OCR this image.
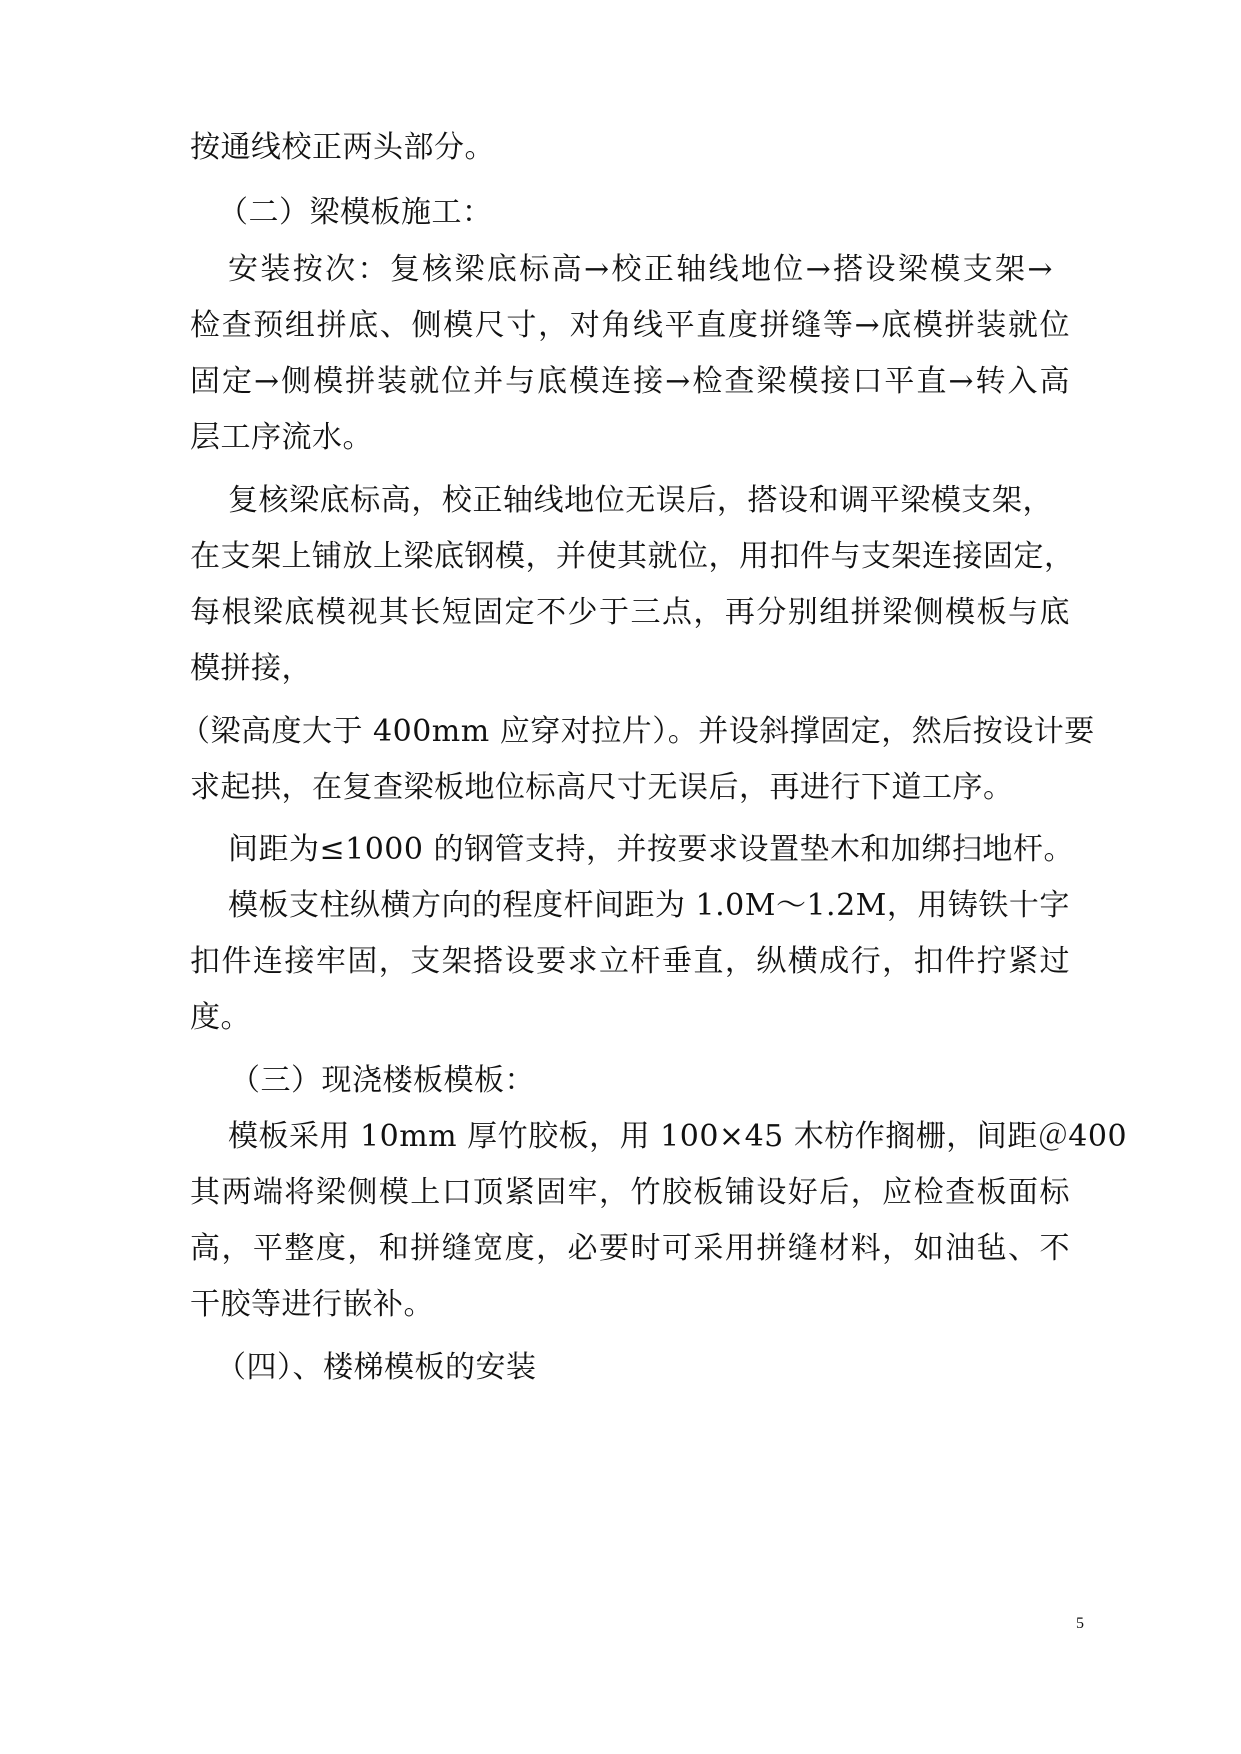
按通线校正两头部分。
（二）梁模板施工：
安装按次：复核梁底标高→校正轴线地位→搭设梁模支架→
检查预组拼底、侧模尺寸，对角线平直度拼缝等→底模拼装就位
固定→侧模拼装就位并与底模连接→检查梁模接口平直→转入高
层工序流水。
复核梁底标高，校正轴线地位无误后，搭设和调平梁模支架，
在支架上铺放上梁底钢模，并使其就位，用扣件与支架连接固定，
每根梁底模视其长短固定不少于三点，再分别组拼梁侧模板与底
模拼接，
（梁高度大于 400mm 应穿对拉片）。并设斜撑固定，然后按设计要
求起拱，在复查梁板地位标高尺寸无误后，再进行下道工序。
间距为≤1000 的钢管支持，并按要求设置垫木和加绑扫地杆。
模板支柱纵横方向的程度杆间距为 1.0M～1.2M，用铸铁十字
扣件连接牢固，支架搭设要求立杆垂直，纵横成行，扣件拧紧过
度。
（三）现浇楼板模板：
模板采用 10mm 厚竹胶板，用 100×45 木枋作搁栅，间距＠400
其两端将梁侧模上口顶紧固牢，竹胶板铺设好后，应检查板面标
高，平整度，和拼缝宽度，必要时可采用拼缝材料，如油毡、不
干胶等进行嵌补。
（四）、楼梯模板的安装
5
